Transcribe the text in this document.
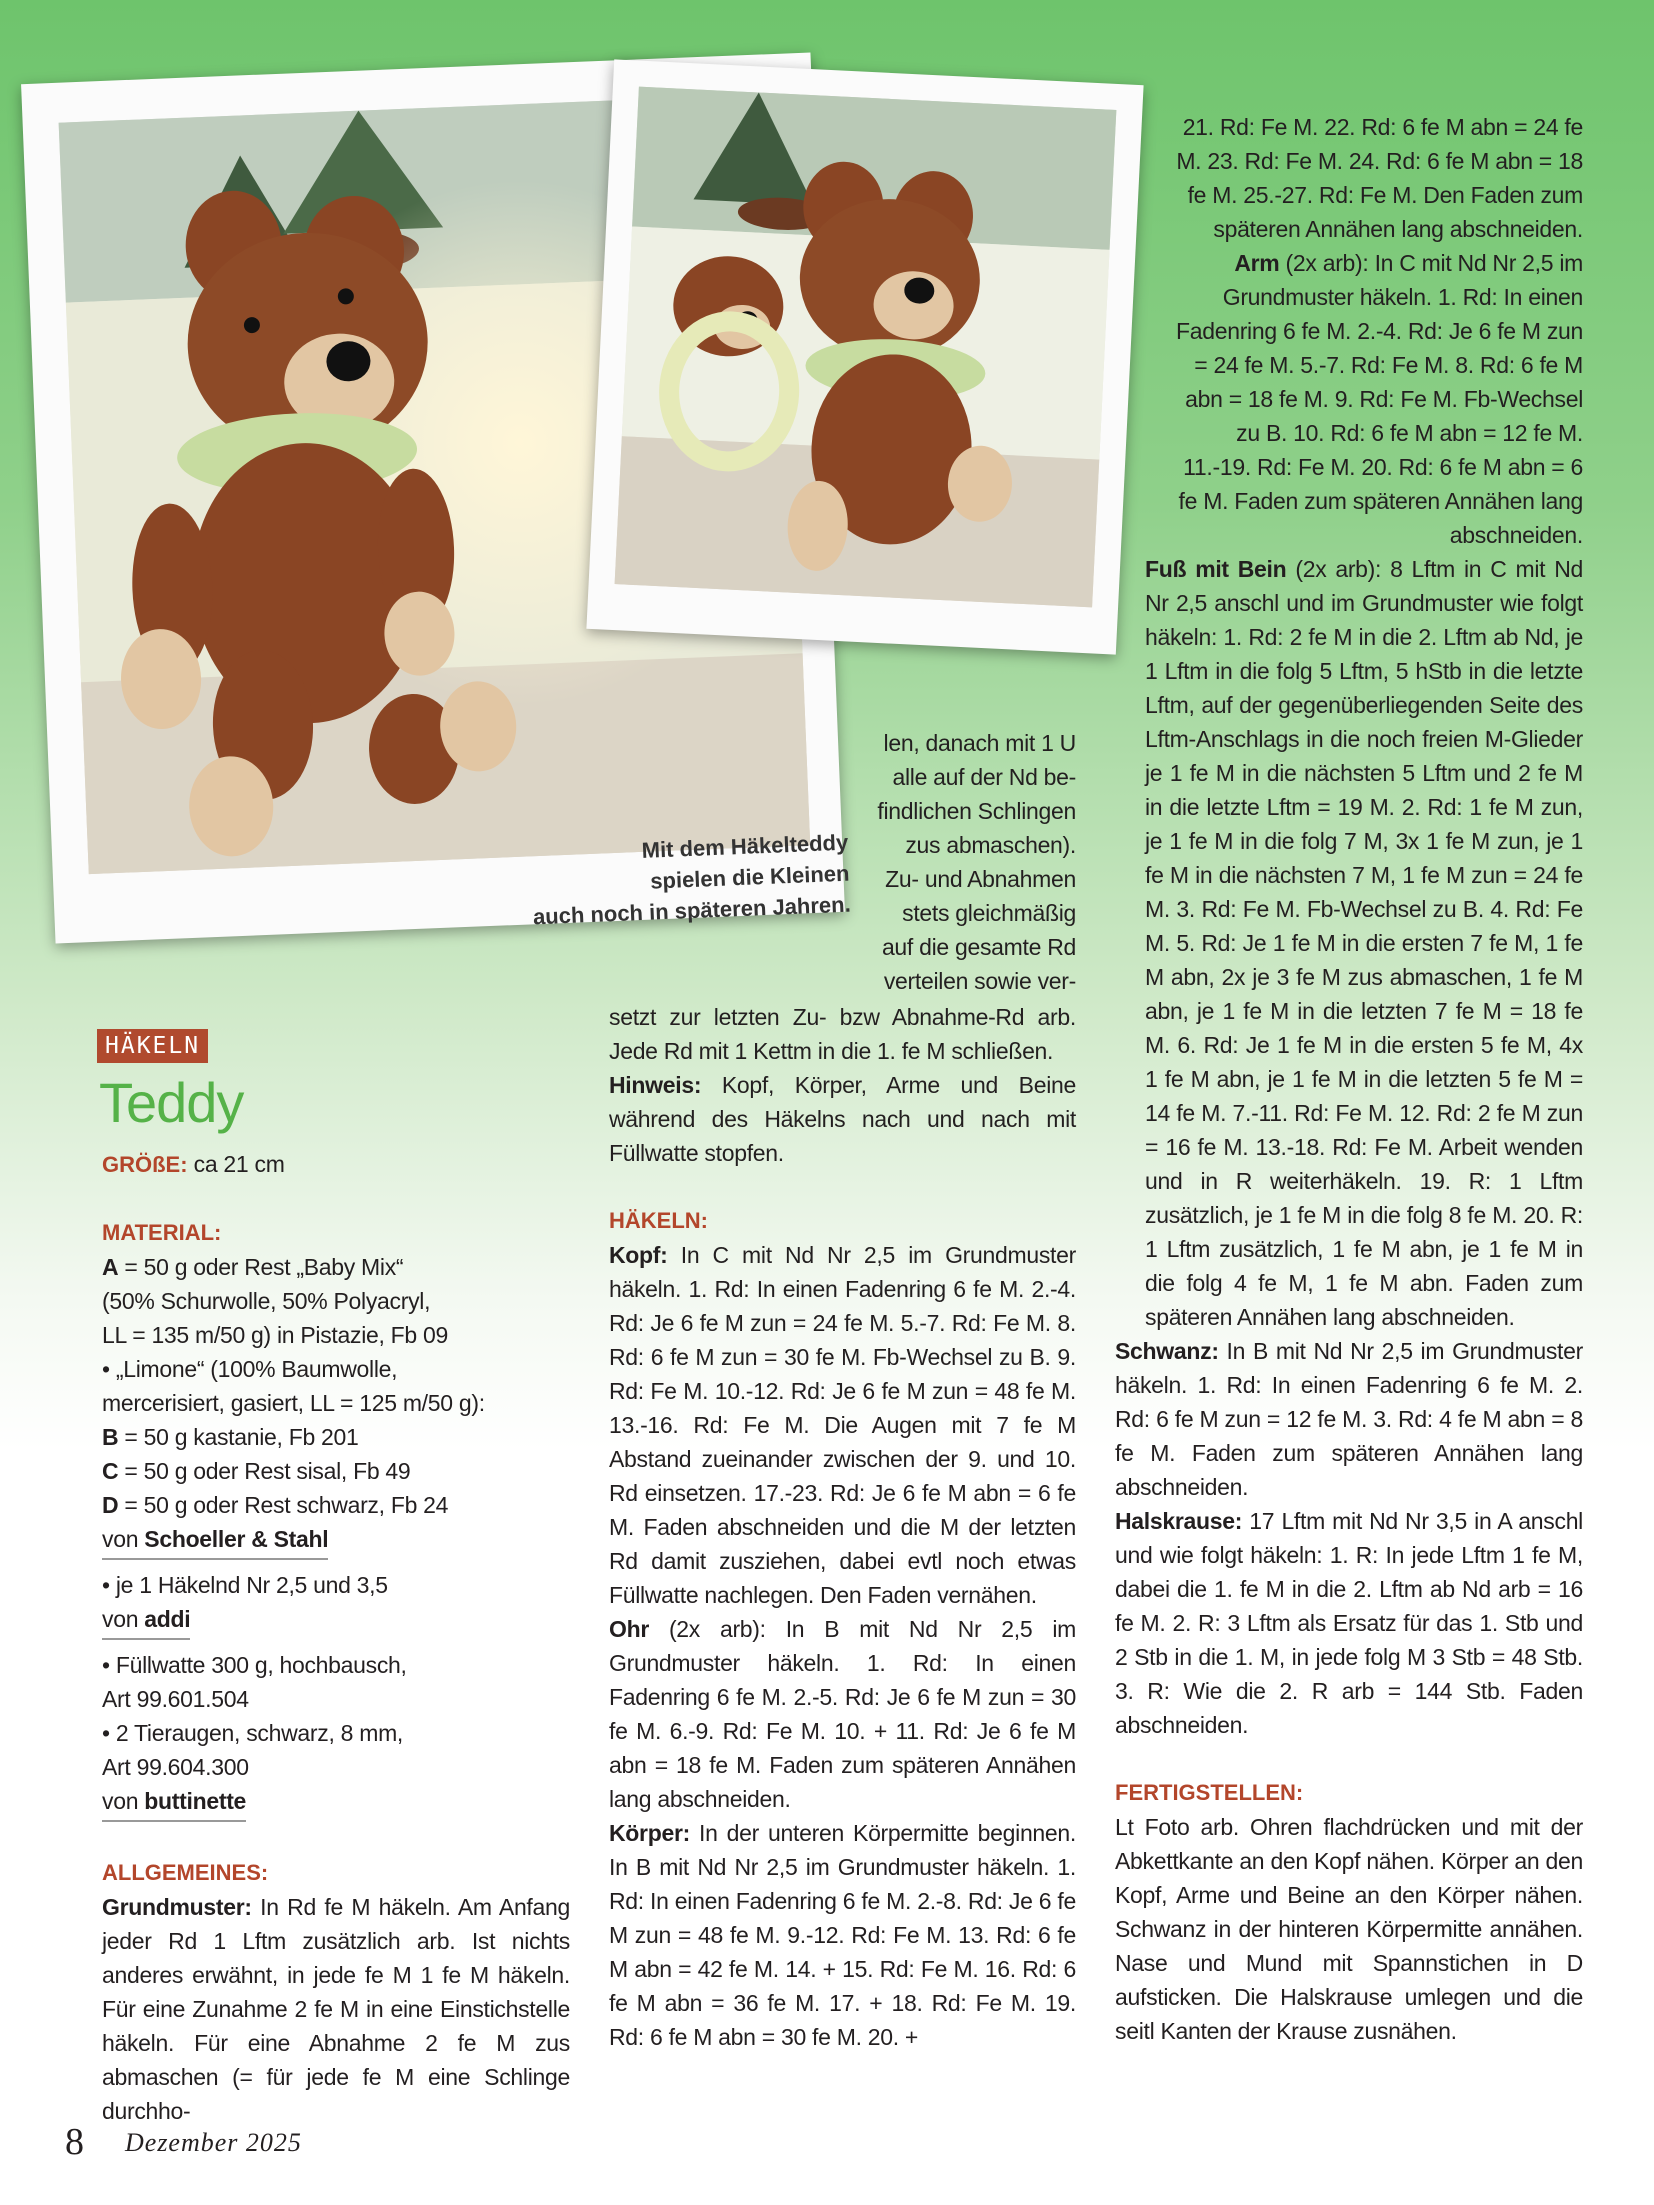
Mit dem Häkelteddy
spielen die Kleinen
auch noch in späteren Jahren.
HÄKELN
Teddy

GRÖßE: ca 21 cm

MATERIAL:

A = 50 g oder Rest „Baby Mix“

(50% Schurwolle, 50% Polyacryl,

LL = 135 m/50 g) in Pistazie, Fb 09

• „Limone“ (100% Baumwolle,

mercerisiert, gasiert, LL = 125 m/50 g):

B = 50 g kastanie, Fb 201

C = 50 g oder Rest sisal, Fb 49

D = 50 g oder Rest schwarz, Fb 24

von Schoeller & Stahl

• je 1 Häkelnd Nr 2,5 und 3,5

von addi

• Füllwatte 300 g, hochbausch,

Art 99.601.504

• 2 Tieraugen, schwarz, 8 mm,

Art 99.604.300

von buttinette

ALLGEMEINES:

Grundmuster: In Rd fe M häkeln. Am Anfang jeder Rd 1 Lftm zusätzlich arb. Ist nichts anderes erwähnt, in jede fe M 1 fe M häkeln. Für eine Zunahme 2 fe M in eine Einstichstelle häkeln. Für eine Abnahme 2 fe M zus abmaschen (= für jede fe M eine Schlinge durchho-

len, danach mit 1 U

alle auf der Nd be-

findlichen Schlingen

zus abmaschen).

Zu- und Abnahmen

stets gleichmäßig

auf die gesamte Rd

verteilen sowie ver-

setzt zur letzten Zu- bzw Abnahme-Rd arb. Jede Rd mit 1 Kettm in die 1. fe M schließen.

Hinweis: Kopf, Körper, Arme und Beine während des Häkelns nach und nach mit Füllwatte stopfen.

HÄKELN:

Kopf: In C mit Nd Nr 2,5 im Grundmuster häkeln. 1. Rd: In einen Fadenring 6 fe M. 2.-4. Rd: Je 6 fe M zun = 24 fe M. 5.-7. Rd: Fe M. 8. Rd: 6 fe M zun = 30 fe M. Fb-Wechsel zu B. 9. Rd: Fe M. 10.-12. Rd: Je 6 fe M zun = 48 fe M. 13.-16. Rd: Fe M. Die Augen mit 7 fe M Abstand zueinander zwischen der 9. und 10. Rd einsetzen. 17.-23. Rd: Je 6 fe M abn = 6 fe M. Faden abschneiden und die M der letzten Rd damit zusziehen, dabei evtl noch etwas Füllwatte nachlegen. Den Faden vernähen.

Ohr (2x arb): In B mit Nd Nr 2,5 im Grundmuster häkeln. 1. Rd: In einen Fadenring 6 fe M. 2.-5. Rd: Je 6 fe M zun = 30 fe M. 6.-9. Rd: Fe M. 10. + 11. Rd: Je 6 fe M abn = 18 fe M. Faden zum späteren Annähen lang abschneiden.

Körper: In der unteren Körpermitte beginnen. In B mit Nd Nr 2,5 im Grundmuster häkeln. 1. Rd: In einen Fadenring 6 fe M. 2.-8. Rd: Je 6 fe M zun = 48 fe M. 9.-12. Rd: Fe M. 13. Rd: 6 fe M abn = 42 fe M. 14. + 15. Rd: Fe M. 16. Rd: 6 fe M abn = 36 fe M. 17. + 18. Rd: Fe M. 19. Rd: 6 fe M abn = 30 fe M. 20. +

21. Rd: Fe M. 22. Rd: 6 fe M abn = 24 fe M. 23. Rd: Fe M. 24. Rd: 6 fe M abn = 18 fe M. 25.-27. Rd: Fe M. Den Faden zum späteren Annähen lang abschneiden.

Arm (2x arb): In C mit Nd Nr 2,5 im Grundmuster häkeln. 1. Rd: In einen Fadenring 6 fe M. 2.-4. Rd: Je 6 fe M zun = 24 fe M. 5.-7. Rd: Fe M. 8. Rd: 6 fe M abn = 18 fe M. 9. Rd: Fe M. Fb-Wechsel zu B. 10. Rd: 6 fe M abn = 12 fe M. 11.-19. Rd: Fe M. 20. Rd: 6 fe M abn = 6 fe M. Faden zum späteren Annähen lang abschneiden.

Fuß mit Bein (2x arb): 8 Lftm in C mit Nd Nr 2,5 anschl und im Grundmuster wie folgt häkeln: 1. Rd: 2 fe M in die 2. Lftm ab Nd, je 1 Lftm in die folg 5 Lftm, 5 hStb in die letzte Lftm, auf der gegenüberliegenden Seite des Lftm-Anschlags in die noch freien M-Glieder je 1 fe M in die nächsten 5 Lftm und 2 fe M in die letzte Lftm = 19 M. 2. Rd: 1 fe M zun, je 1 fe M in die folg 7 M, 3x 1 fe M zun, je 1 fe M in die nächsten 7 M, 1 fe M zun = 24 fe M. 3. Rd: Fe M. Fb-Wechsel zu B. 4. Rd: Fe M. 5. Rd: Je 1 fe M in die ersten 7 fe M, 1 fe M abn, 2x je 3 fe M zus abmaschen, 1 fe M abn, je 1 fe M in die letzten 7 fe M = 18 fe M. 6. Rd: Je 1 fe M in die ersten 5 fe M, 4x 1 fe M abn, je 1 fe M in die letzten 5 fe M = 14 fe M. 7.-11. Rd: Fe M. 12. Rd: 2 fe M zun = 16 fe M. 13.-18. Rd: Fe M. Arbeit wenden und in R weiterhäkeln. 19. R: 1 Lftm zusätzlich, je 1 fe M in die folg 8 fe M. 20. R: 1 Lftm zusätzlich, 1 fe M abn, je 1 fe M in die folg 4 fe M, 1 fe M abn. Faden zum späteren Annähen lang abschneiden.

Schwanz: In B mit Nd Nr 2,5 im Grundmuster häkeln. 1. Rd: In einen Fadenring 6 fe M. 2. Rd: 6 fe M zun = 12 fe M. 3. Rd: 4 fe M abn = 8 fe M. Faden zum späteren Annähen lang abschneiden.

Halskrause: 17 Lftm mit Nd Nr 3,5 in A anschl und wie folgt häkeln: 1. R: In jede Lftm 1 fe M, dabei die 1. fe M in die 2. Lftm ab Nd arb = 16 fe M. 2. R: 3 Lftm als Ersatz für das 1. Stb und 2 Stb in die 1. M, in jede folg M 3 Stb = 48 Stb. 3. R: Wie die 2. R arb = 144 Stb. Faden abschneiden.

FERTIGSTELLEN:

Lt Foto arb. Ohren flachdrücken und mit der Abkettkante an den Kopf nähen. Körper an den Kopf, Arme und Beine an den Körper nähen. Schwanz in der hinteren Körpermitte annähen. Nase und Mund mit Spannstichen in D aufsticken. Die Halskrause umlegen und die seitl Kanten der Krause zusnähen.

8 Dezember 2025
